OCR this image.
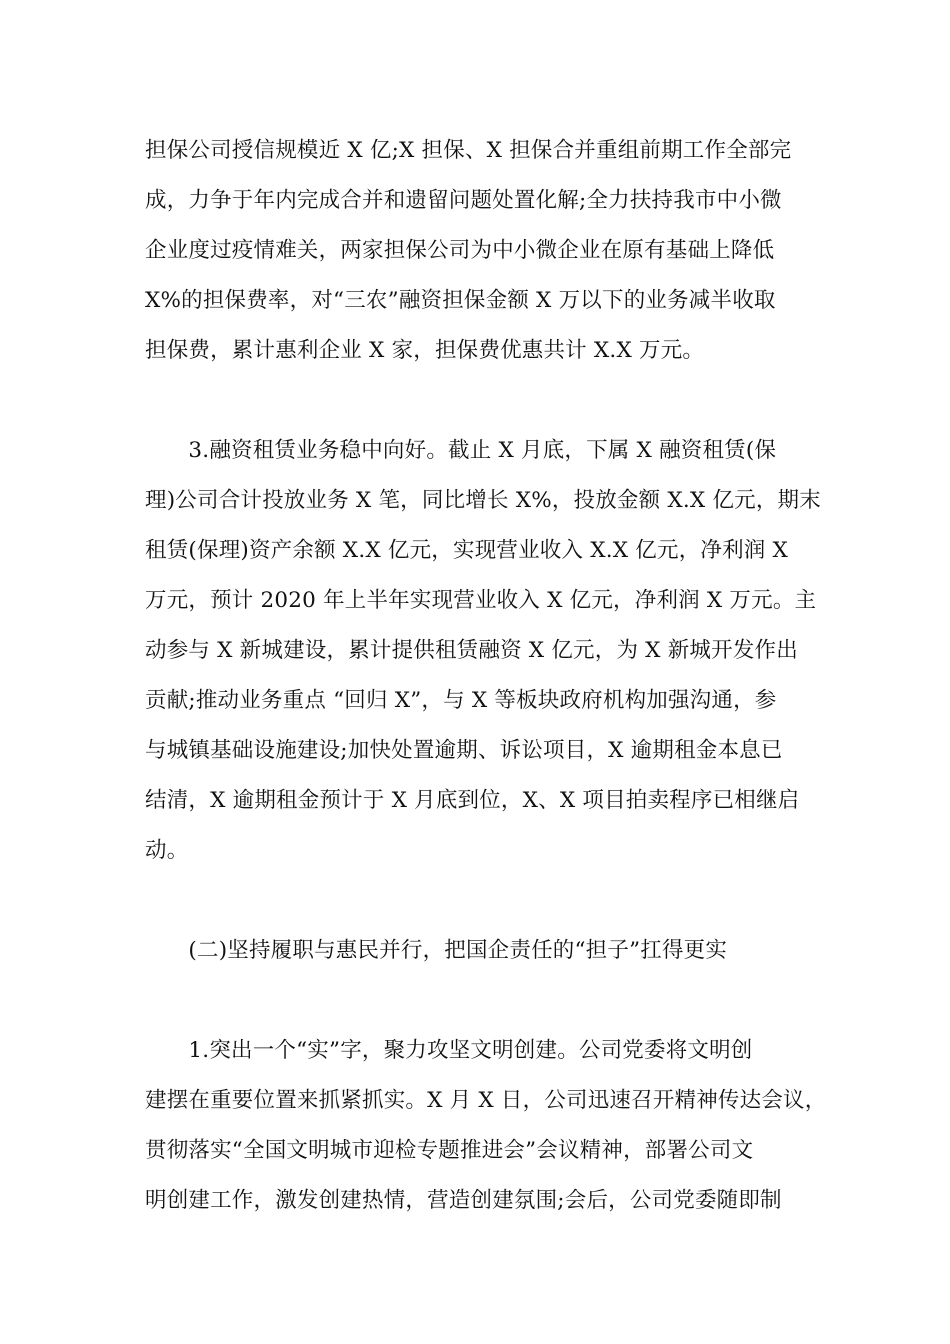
担保公司授信规模近 X 亿;X 担保、X 担保合并重组前期工作全部完
成，力争于年内完成合并和遗留问题处置化解;全力扶持我市中小微
企业度过疫情难关，两家担保公司为中小微企业在原有基础上降低
X%的担保费率，对“三农”融资担保金额 X 万以下的业务减半收取
担保费，累计惠利企业 X 家，担保费优惠共计 X.X 万元。
　　3.融资租赁业务稳中向好。截止 X 月底，下属 X 融资租赁(保
理)公司合计投放业务 X 笔，同比增长 X%，投放金额 X.X 亿元，期末
租赁(保理)资产余额 X.X 亿元，实现营业收入 X.X 亿元，净利润 X
万元，预计 2020 年上半年实现营业收入 X 亿元，净利润 X 万元。主
动参与 X 新城建设，累计提供租赁融资 X 亿元，为 X 新城开发作出
贡献;推动业务重点 “回归 X”，与 X 等板块政府机构加强沟通，参
与城镇基础设施建设;加快处置逾期、诉讼项目，X 逾期租金本息已
结清，X 逾期租金预计于 X 月底到位，X、X 项目拍卖程序已相继启
动。
　　(二)坚持履职与惠民并行，把国企责任的“担子”扛得更实
　　1.突出一个“实”字，聚力攻坚文明创建。公司党委将文明创
建摆在重要位置来抓紧抓实。X 月 X 日，公司迅速召开精神传达会议，
贯彻落实“全国文明城市迎检专题推进会”会议精神，部署公司文
明创建工作，激发创建热情，营造创建氛围;会后，公司党委随即制
